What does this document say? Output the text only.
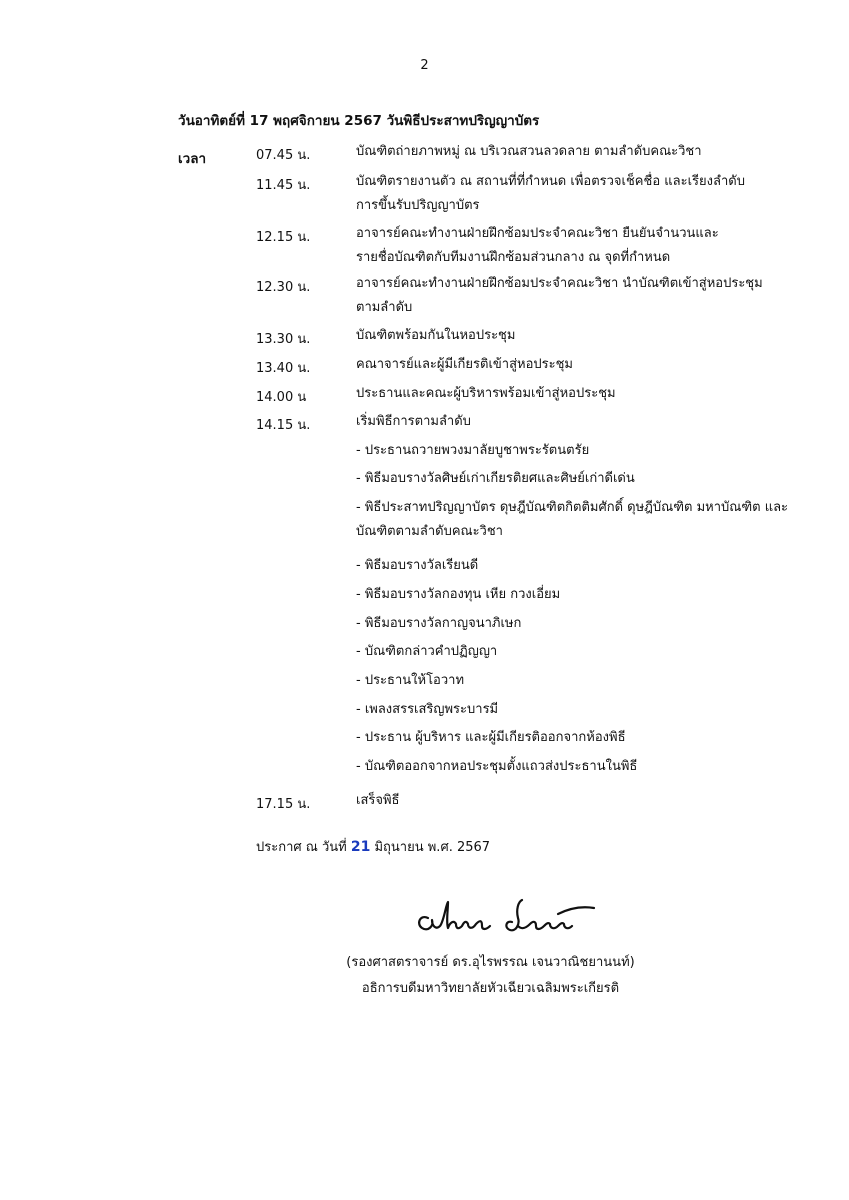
2
วันอาทิตย์ที่ 17 พฤศจิกายน 2567 วันพิธีประสาทปริญญาบัตร
เวลา	07.45 น.	บัณฑิตถ่ายภาพหมู่ ณ บริเวณสวนลวดลาย ตามลำดับคณะวิชา
11.45 น.	บัณฑิตรายงานตัว ณ สถานที่ที่กำหนด เพื่อตรวจเช็คชื่อ และเรียงลำดับ
การขึ้นรับปริญญาบัตร
12.15 น.	อาจารย์คณะทำงานฝ่ายฝึกซ้อมประจำคณะวิชา ยืนยันจำนวนและ
รายชื่อบัณฑิตกับทีมงานฝึกซ้อมส่วนกลาง ณ จุดที่กำหนด
12.30 น.	อาจารย์คณะทำงานฝ่ายฝึกซ้อมประจำคณะวิชา นำบัณฑิตเข้าสู่หอประชุม
ตามลำดับ
13.30 น.	บัณฑิตพร้อมกันในหอประชุม
13.40 น.	คณาจารย์และผู้มีเกียรติเข้าสู่หอประชุม
14.00 น	ประธานและคณะผู้บริหารพร้อมเข้าสู่หอประชุม
14.15 น.	เริ่มพิธีการตามลำดับ
- ประธานถวายพวงมาลัยบูชาพระรัตนตรัย
- พิธีมอบรางวัลศิษย์เก่าเกียรติยศและศิษย์เก่าดีเด่น
- พิธีประสาทปริญญาบัตร ดุษฎีบัณฑิตกิตติมศักดิ์ ดุษฎีบัณฑิต มหาบัณฑิต และ
บัณฑิตตามลำดับคณะวิชา
- พิธีมอบรางวัลเรียนดี
- พิธีมอบรางวัลกองทุน เหีย กวงเอี่ยม
- พิธีมอบรางวัลกาญจนาภิเษก
- บัณฑิตกล่าวคำปฏิญญา
- ประธานให้โอวาท
- เพลงสรรเสริญพระบารมี
- ประธาน ผู้บริหาร และผู้มีเกียรติออกจากห้องพิธี
- บัณฑิตออกจากหอประชุมตั้งแถวส่งประธานในพิธี
17.15 น.	เสร็จพิธี
ประกาศ ณ วันที่ 21 มิถุนายน พ.ศ. 2567
(รองศาสตราจารย์ ดร.อุไรพรรณ เจนวาณิชยานนท์)
อธิการบดีมหาวิทยาลัยหัวเฉียวเฉลิมพระเกียรติ
